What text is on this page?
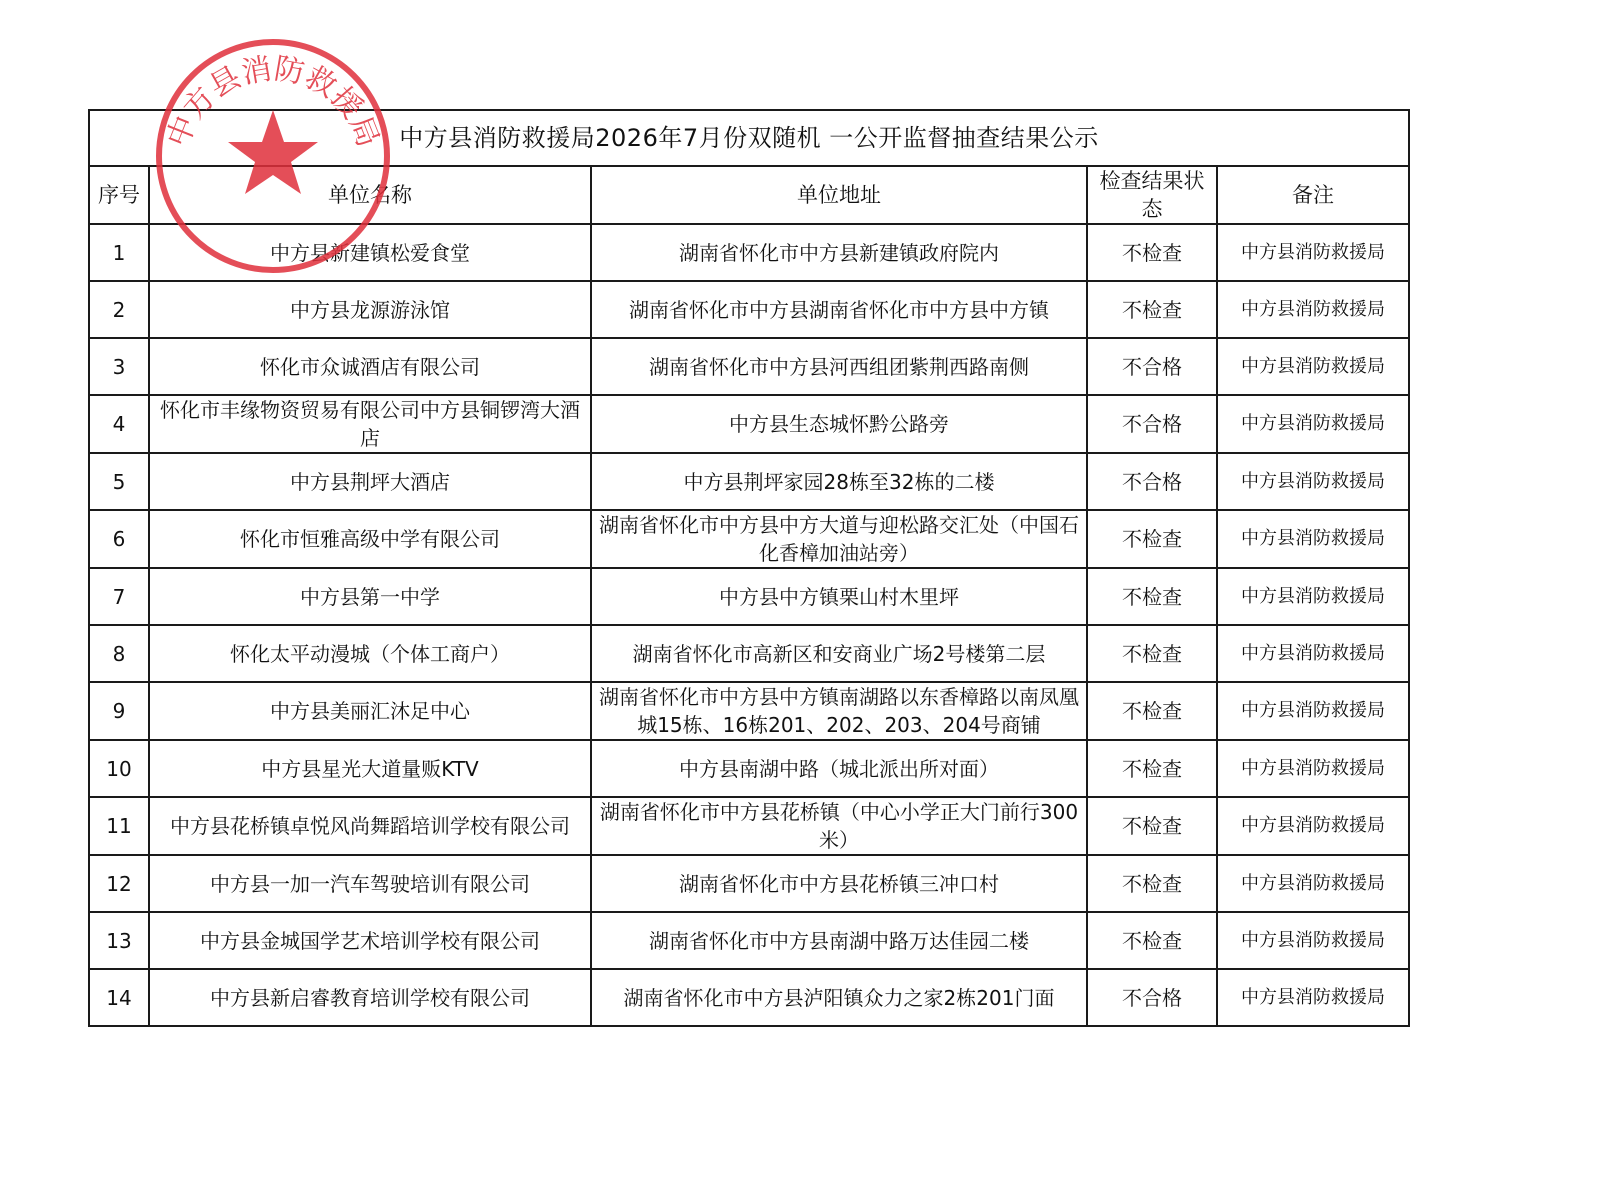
中方县消防救援局2026年7月份双随机 一公开监督抽查结果公示				
序号	单位名称	单位地址	检查结果状态	备注
1	中方县新建镇松爱食堂	湖南省怀化市中方县新建镇政府院内	不检查	中方县消防救援局
2	中方县龙源游泳馆	湖南省怀化市中方县湖南省怀化市中方县中方镇	不检查	中方县消防救援局
3	怀化市众诚酒店有限公司	湖南省怀化市中方县河西组团紫荆西路南侧	不合格	中方县消防救援局
4	怀化市丰缘物资贸易有限公司中方县铜锣湾大酒店	中方县生态城怀黔公路旁	不合格	中方县消防救援局
5	中方县荆坪大酒店	中方县荆坪家园28栋至32栋的二楼	不合格	中方县消防救援局
6	怀化市恒雅高级中学有限公司	湖南省怀化市中方县中方大道与迎松路交汇处（中国石化香樟加油站旁）	不检查	中方县消防救援局
7	中方县第一中学	中方县中方镇栗山村木里坪	不检查	中方县消防救援局
8	怀化太平动漫城（个体工商户）	湖南省怀化市高新区和安商业广场2号楼第二层	不检查	中方县消防救援局
9	中方县美丽汇沐足中心	湖南省怀化市中方县中方镇南湖路以东香樟路以南凤凰城15栋、16栋201、202、203、204号商铺	不检查	中方县消防救援局
10	中方县星光大道量贩KTV	中方县南湖中路（城北派出所对面）	不检查	中方县消防救援局
11	中方县花桥镇卓悦风尚舞蹈培训学校有限公司	湖南省怀化市中方县花桥镇（中心小学正大门前行300米）	不检查	中方县消防救援局
12	中方县一加一汽车驾驶培训有限公司	湖南省怀化市中方县花桥镇三冲口村	不检查	中方县消防救援局
13	中方县金城国学艺术培训学校有限公司	湖南省怀化市中方县南湖中路万达佳园二楼	不检查	中方县消防救援局
14	中方县新启睿教育培训学校有限公司	湖南省怀化市中方县泸阳镇众力之家2栋201门面	不合格	中方县消防救援局
中方县消防救援局
